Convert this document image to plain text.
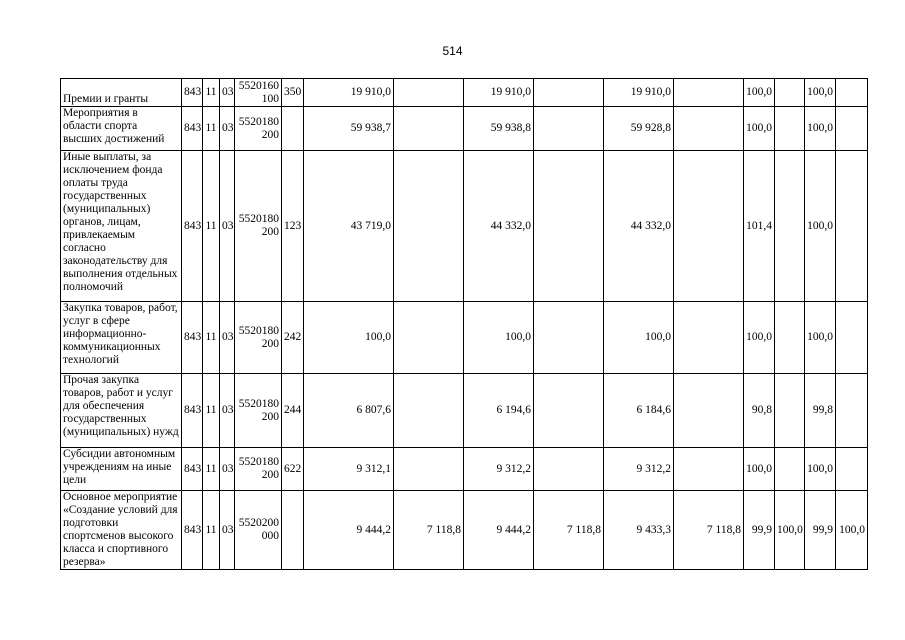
514
Премии и гранты	843	11	03	5520160 100	350	19 910,0		19 910,0		19 910,0		100,0		100,0	
Мероприятия в области спорта высших достижений	843	11	03	5520180 200		59 938,7		59 938,8		59 928,8		100,0		100,0	
Иные выплаты, за исключением фонда оплаты труда государственных (муниципальных) органов, лицам, привлекаемым согласно законодательству для выполнения отдельных полномочий	843	11	03	5520180 200	123	43 719,0		44 332,0		44 332,0		101,4		100,0	
Закупка товаров, работ, услуг в сфере информационно-коммуникационных технологий	843	11	03	5520180 200	242	100,0		100,0		100,0		100,0		100,0	
Прочая закупка товаров, работ и услуг для обеспечения государственных (муниципальных) нужд	843	11	03	5520180 200	244	6 807,6		6 194,6		6 184,6		90,8		99,8	
Субсидии автономным учреждениям на иные цели	843	11	03	5520180 200	622	9 312,1		9 312,2		9 312,2		100,0		100,0	
Основное мероприятие «Создание условий для подготовки спортсменов высокого класса и спортивного резерва»	843	11	03	5520200 000		9 444,2	7 118,8	9 444,2	7 118,8	9 433,3	7 118,8	99,9	100,0	99,9	100,0
